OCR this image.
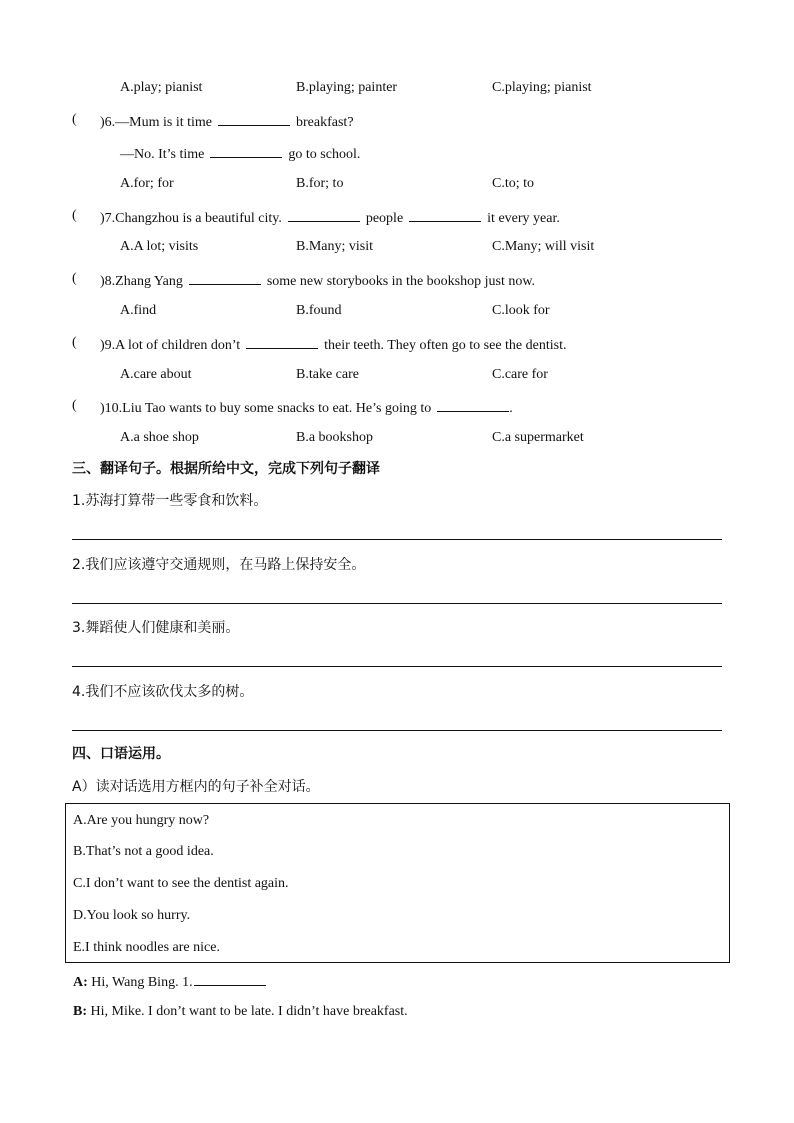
A.play; pianist	B.playing; painter	C.playing; pianist
( )6.—Mum is it time	breakfast?
—No. It’s time	go to school.
A.for; for	B.for; to	C.to; to
( )7.Changzhou is a beautiful city.	people	it every year.
A.A lot; visits	B.Many; visit	C.Many; will visit
( )8.Zhang Yang	some new storybooks in the bookshop just now.
A.find	B.found	C.look for
( )9.A lot of children don’t	their teeth. They often go to see the dentist.
A.care about	B.take care	C.care for
( )10.Liu Tao wants to buy some snacks to eat. He’s going to	.
A.a shoe shop	B.a bookshop	C.a supermarket
三、翻译句子。根据所给中文，完成下列句子翻译
1.苏海打算带一些零食和饮料。
2.我们应该遵守交通规则，在马路上保持安全。
3.舞蹈使人们健康和美丽。
4.我们不应该砍伐太多的树。
四、口语运用。
A）读对话选用方框内的句子补全对话。
A.Are you hungry now?
B.That’s not a good idea.
C.I don’t want to see the dentist again.
D.You look so hurry.
E.I think noodles are nice.
A: Hi, Wang Bing. 1.
B: Hi, Mike. I don’t want to be late. I didn’t have breakfast.
